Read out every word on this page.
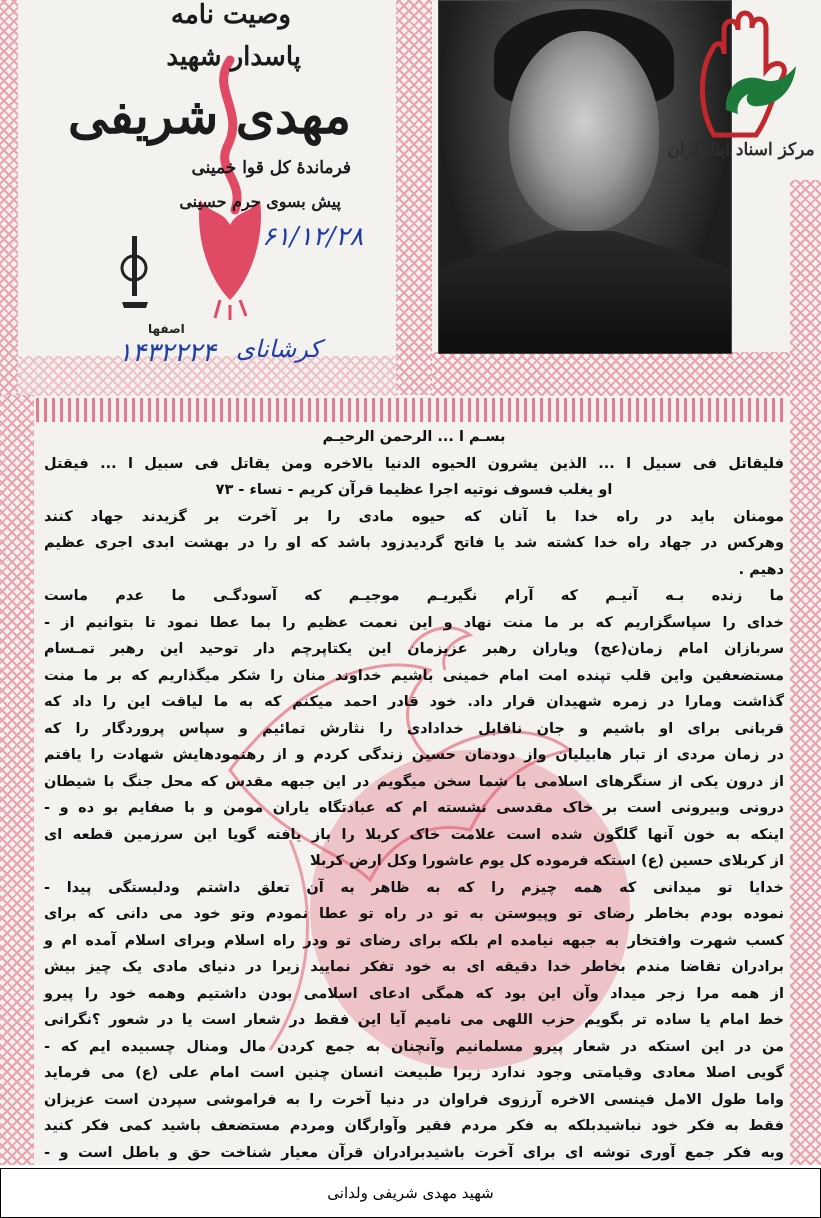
وصیت نامه
پاسدار شهید
مهدی شریفی
فرماندهٔ کل قوا خمینی
پیش بسوی حرم حسینی
۶۱/۱۲/۲۸
اصفها
۱۴۳۲۲۲۴ کرشانای
مرکز اسناد ایثارگران
بسـم ا ... الرحمن الرحیـم
فلیقاتل فی سبیل ا ... الذین یشرون الحیوه الدنیا بالاخره ومن یقاتل فی سبیل ا ... فیقتل
او یغلب فسوف نوتیه اجرا عظیما قرآن کریم - نساء - ۷۳
مومنان باید در راه خدا با آنان که حیوه مادی را بر آخرت بر گزیدند جهاد کنند
وهرکس در جهاد راه خدا کشته شد یا فاتح گردیدزود باشد که او را در بهشت ابدی اجری عظیم
دهیم .
ما زنده بـه آنیـم که آرام نگیریـم موجیـم که آسودگـی ما عدم ماست
خدای را سپاسگزاریم که بر ما منت نهاد و این نعمت عظیم را بما عطا نمود تا بتوانیم از -
سربازان امام زمان(عج) ویاران رهبر عزیزمان این یکتاپرچم دار توحید این رهبر تمـسام
مستضعفین واین قلب تپنده امت امام خمینی باشیم خداوند منان را شکر میگذاریم که بر ما منت
گذاشت ومارا در زمره شهیدان قرار داد. خود قادر احمد میکنم که به ما لیاقت این را داد که
قربانی برای او باشیم و جان ناقابل خدادادی را نثارش تمائیم و سپاس پروردگار را که
در زمان مردی از تبار هابیلیان واز دودمان حسین زندگی کردم و از رهنمودهایش شهادت را یافتم
از درون یکی از سنگرهای اسلامی با شما سخن میگویم در این جبهه مقدس که محل جنگ با شیطان
درونی وبیرونی است بر خاک مقدسی نشسته ام که عبادتگاه یاران مومن و با صفایم بو ده و -
اینکه به خون آنها گلگون شده است علامت خاک کربلا را باز یافته گویا این سرزمین قطعه ای
از کربلای حسین (ع) استکه فرموده کل یوم عاشورا وکل ارض کربلا
خدایا تو میدانی که همه چیزم را که به ظاهر به آن تعلق داشتم ودلبستگی پیدا -
نموده بودم بخاطر رضای تو وپیوستن به تو در راه تو عطا نمودم وتو خود می دانی که برای
کسب شهرت وافتخار به جبهه نیامده ام بلکه برای رضای تو ودر راه اسلام وبرای اسلام آمده ام و
برادران تقاضا مندم بخاطر خدا دقیقه ای به خود تفکر نمایید زیرا در دنیای مادی یک چیز بیش
از همه مرا زجر میداد وآن این بود که همگی ادعای اسلامی بودن داشتیم وهمه خود را پیرو
خط امام یا ساده تر بگویم حزب اللهی می نامیم آیا این فقط در شعار است یا در شعور ؟نگرانی
من در این استکه در شعار پیرو مسلمانیم وآنچنان به جمع کردن مال ومنال چسبیده ایم که -
گویی اصلا معادی وقیامتی وجود ندارد زیرا طبیعت انسان چنین است امام علی (ع) می فرماید
واما طول الامل فینسی الاخره آرزوی فراوان در دنیا آخرت را به فراموشی سپردن است عزیزان
فقط به فکر خود نباشیدبلکه به فکر مردم فقیر وآوارگان ومردم مستضعف باشید کمی فکر کنید
وبه فکر جمع آوری توشه ای برای آخرت باشیدبرادران قرآن معیار شناخت حق و باطل است و -
شهید مهدی شریفی ولدانی
